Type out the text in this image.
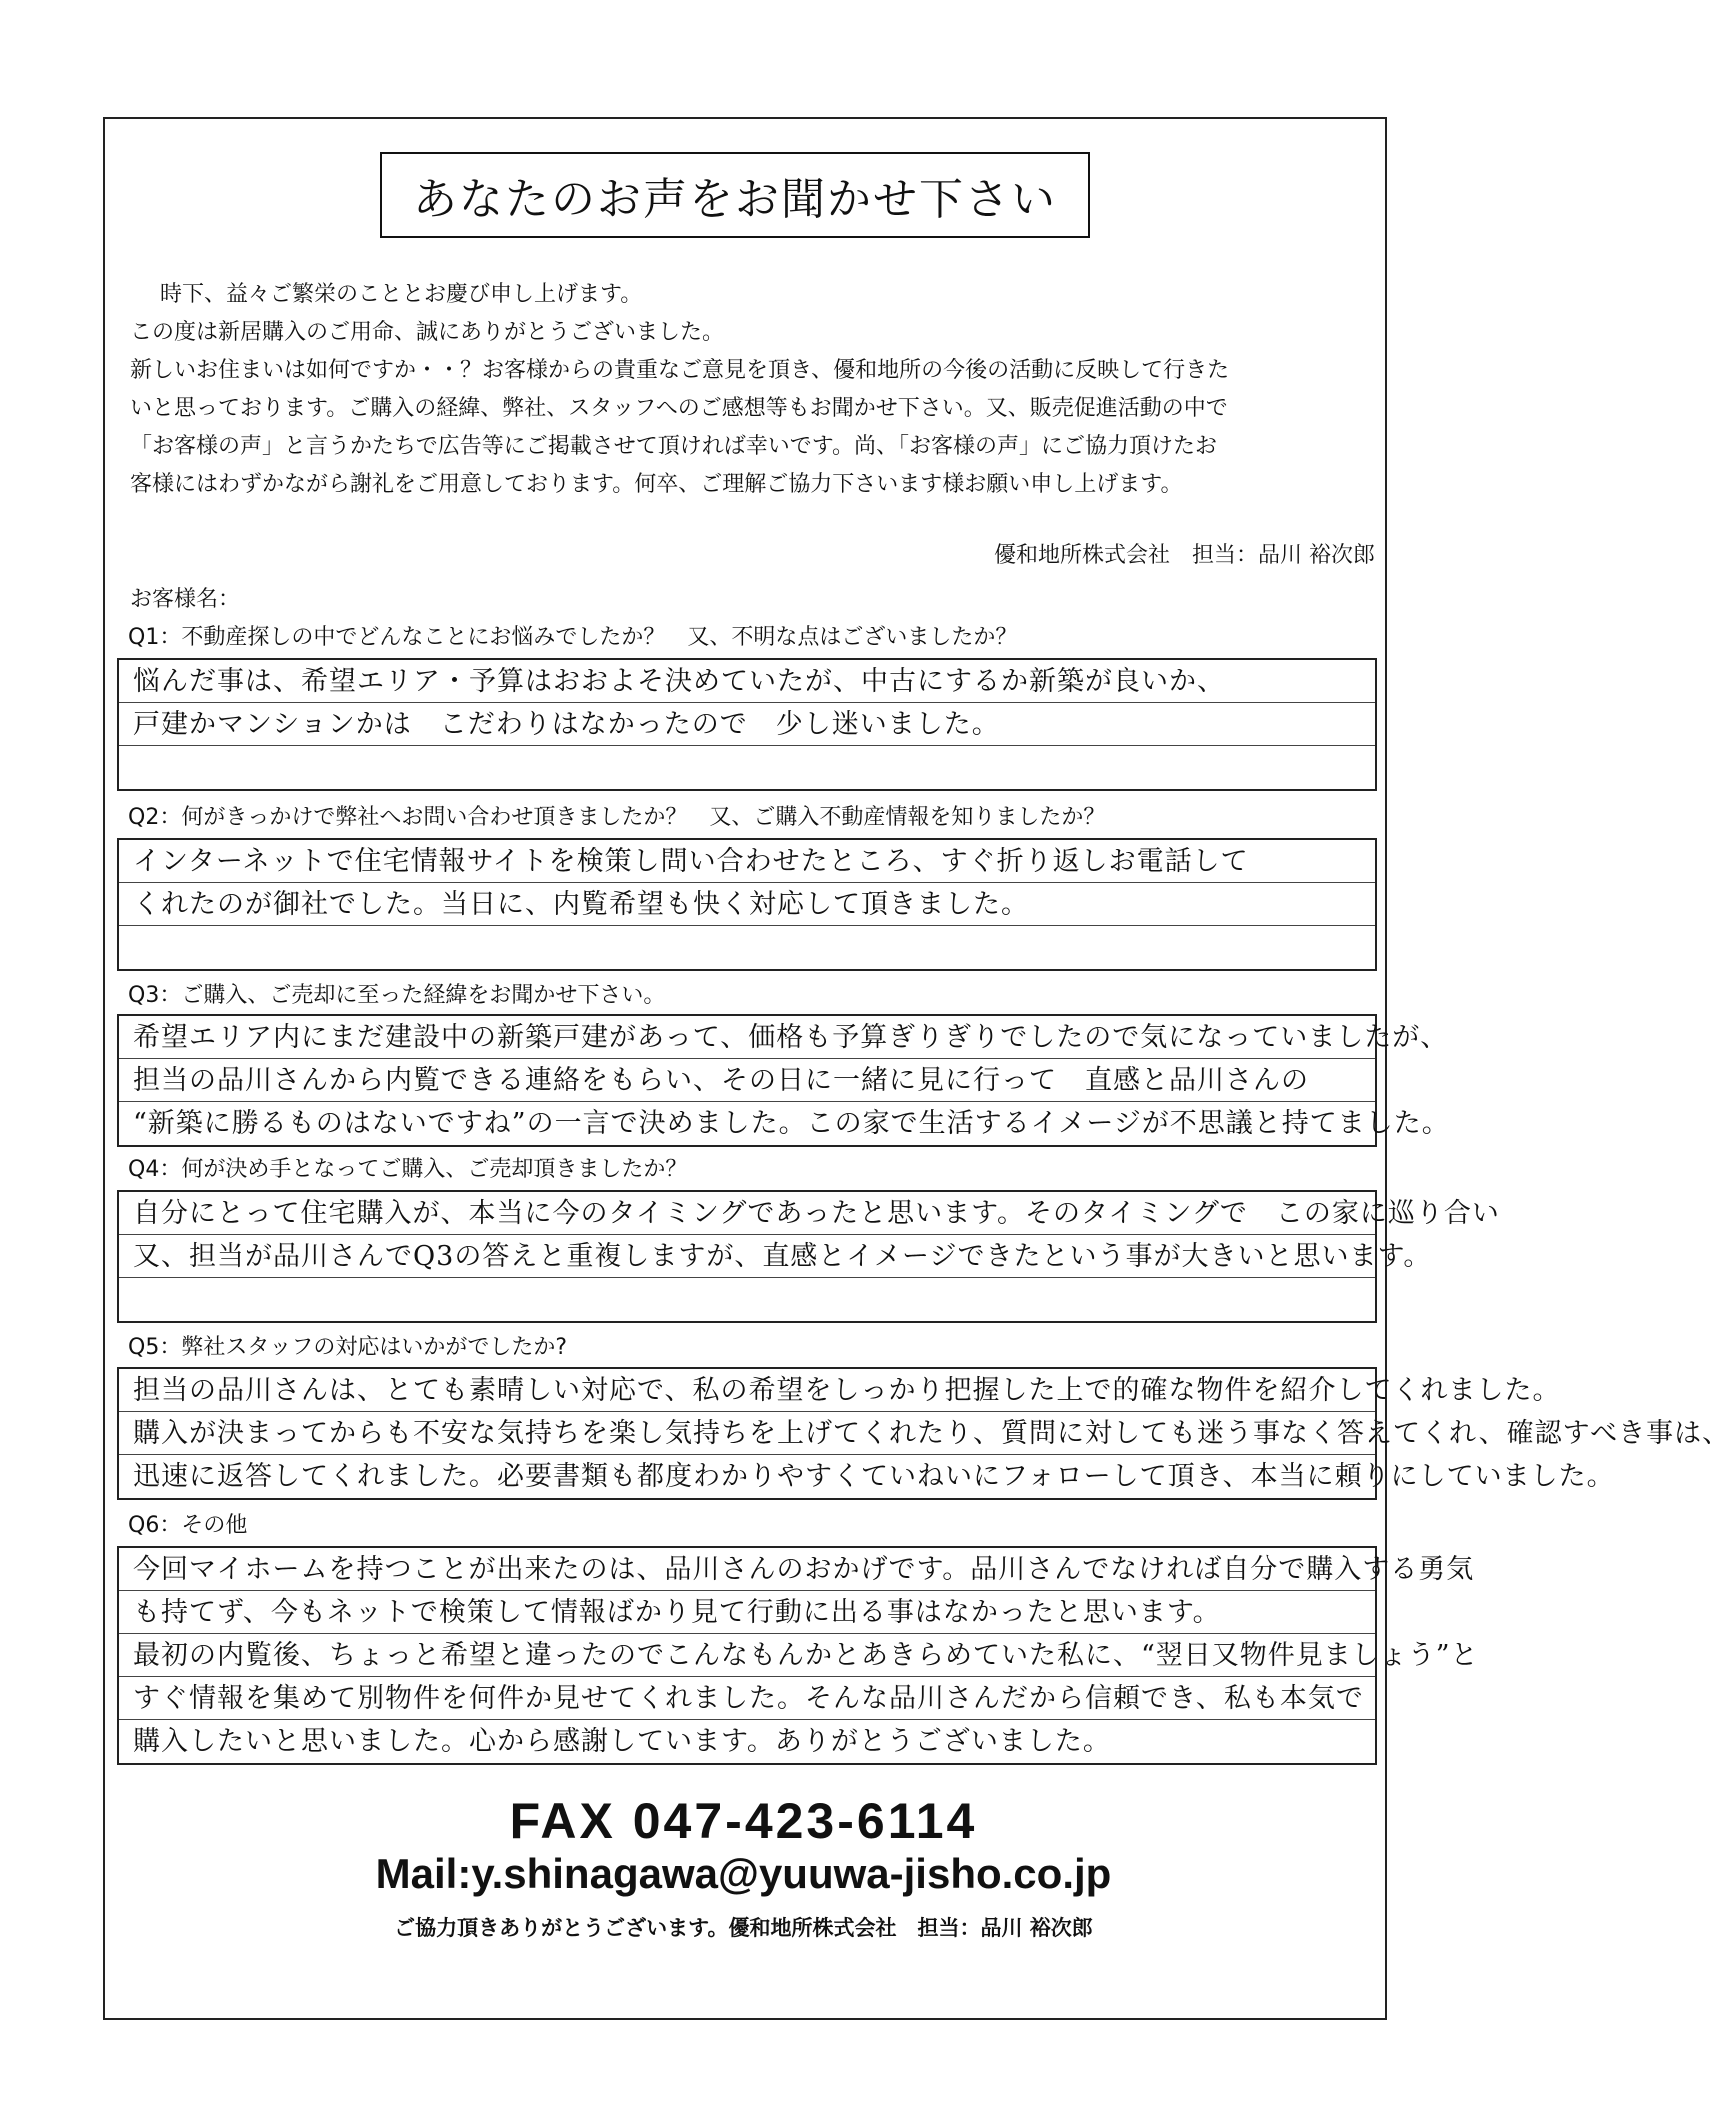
あなたのお声をお聞かせ下さい

時下、益々ご繁栄のこととお慶び申し上げます。

この度は新居購入のご用命、誠にありがとうございました。

新しいお住まいは如何ですか・・？お客様からの貴重なご意見を頂き、優和地所の今後の活動に反映して行きた

いと思っております。ご購入の経緯、弊社、スタッフへのご感想等もお聞かせ下さい。又、販売促進活動の中で

「お客様の声」と言うかたちで広告等にご掲載させて頂ければ幸いです。尚、「お客様の声」にご協力頂けたお

客様にはわずかながら謝礼をご用意しております。何卒、ご理解ご協力下さいます様お願い申し上げます。

優和地所株式会社　担当：品川 裕次郎
お客様名：
Q1：不動産探しの中でどんなことにお悩みでしたか？　又、不明な点はございましたか？
悩んだ事は、希望エリア・予算はおおよそ決めていたが、中古にするか新築が良いか、
戸建かマンションかは　こだわりはなかったので　少し迷いました。
Q2：何がきっかけで弊社へお問い合わせ頂きましたか？　又、ご購入不動産情報を知りましたか？
インターネットで住宅情報サイトを検策し問い合わせたところ、すぐ折り返しお電話して
くれたのが御社でした。当日に、内覧希望も快く対応して頂きました。
Q3：ご購入、ご売却に至った経緯をお聞かせ下さい。
希望エリア内にまだ建設中の新築戸建があって、価格も予算ぎりぎりでしたので気になっていましたが、
担当の品川さんから内覧できる連絡をもらい、その日に一緒に見に行って　直感と品川さんの
“新築に勝るものはないですね”の一言で決めました。この家で生活するイメージが不思議と持てました。
Q4：何が決め手となってご購入、ご売却頂きましたか？
自分にとって住宅購入が、本当に今のタイミングであったと思います。そのタイミングで　この家に巡り合い
又、担当が品川さんでQ3の答えと重複しますが、直感とイメージできたという事が大きいと思います。
Q5：弊社スタッフの対応はいかがでしたか?
担当の品川さんは、とても素晴しい対応で、私の希望をしっかり把握した上で的確な物件を紹介してくれました。
購入が決まってからも不安な気持ちを楽し気持ちを上げてくれたり、質問に対しても迷う事なく答えてくれ、確認すべき事は、
迅速に返答してくれました。必要書類も都度わかりやすくていねいにフォローして頂き、本当に頼りにしていました。
Q6：その他
今回マイホームを持つことが出来たのは、品川さんのおかげです。品川さんでなければ自分で購入する勇気
も持てず、今もネットで検策して情報ばかり見て行動に出る事はなかったと思います。
最初の内覧後、ちょっと希望と違ったのでこんなもんかとあきらめていた私に、“翌日又物件見ましょう”と
すぐ情報を集めて別物件を何件か見せてくれました。そんな品川さんだから信頼でき、私も本気で
購入したいと思いました。心から感謝しています。ありがとうございました。
FAX 047-423-6114
Mail:y.shinagawa@yuuwa-jisho.co.jp
ご協力頂きありがとうございます。優和地所株式会社　担当：品川 裕次郎
